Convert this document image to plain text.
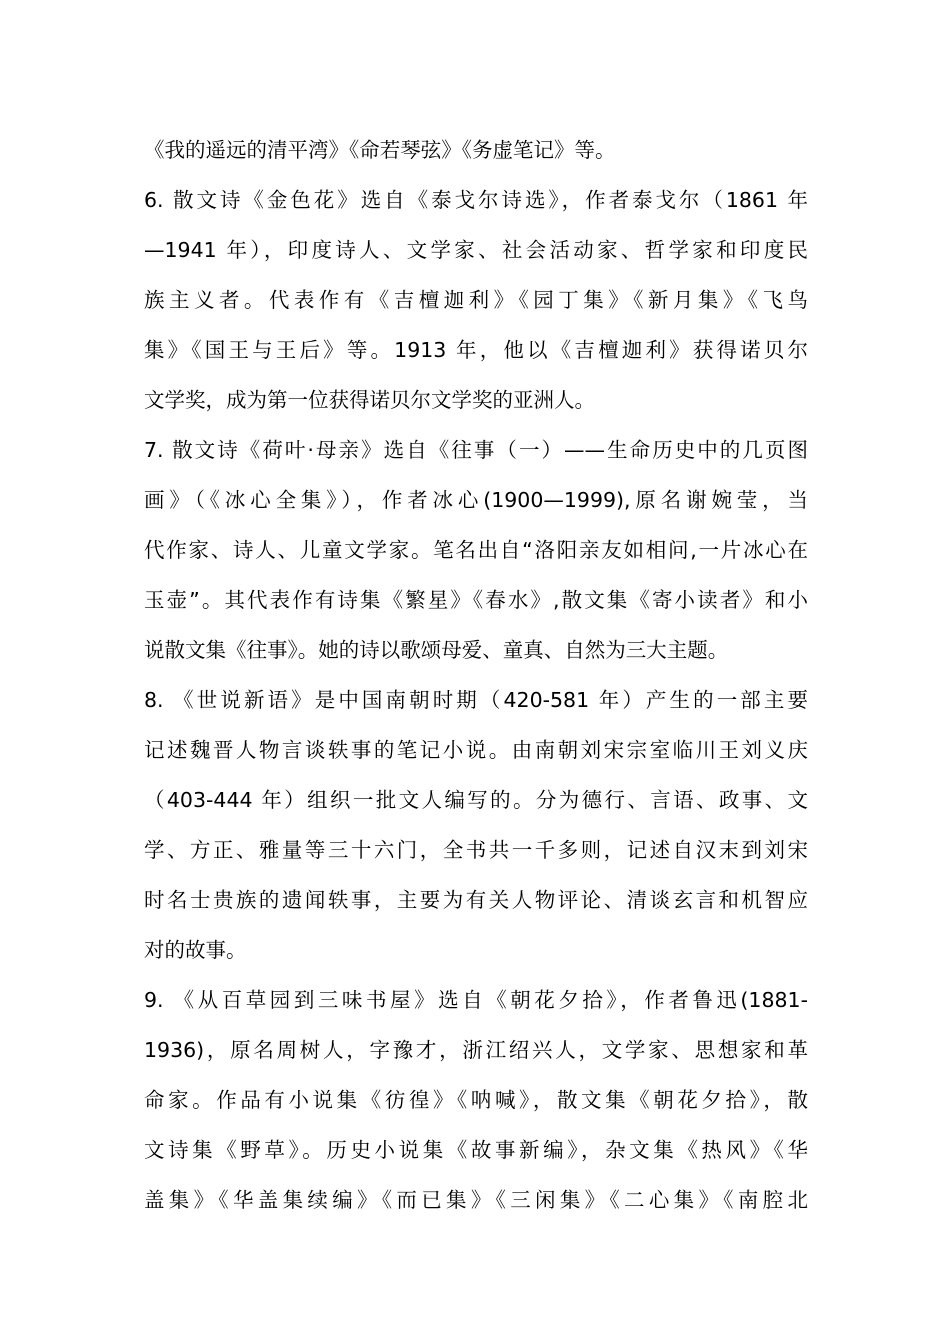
《我的遥远的清平湾》《命若琴弦》《务虚笔记》等。
6. 散文诗《金色花》选自《泰戈尔诗选》，作者泰戈尔（1861 年
—1941 年），印度诗人、文学家、社会活动家、哲学家和印度民
族主义者。代表作有《吉檀迦利》《园丁集》《新月集》《飞鸟
集》《国王与王后》等。1913 年，他以《吉檀迦利》获得诺贝尔
文学奖，成为第一位获得诺贝尔文学奖的亚洲人。
7. 散文诗《荷叶·母亲》选自《往事（一）——生命历史中的几页图
画》（《冰心全集》），作者冰心(1900—1999),原名谢婉莹，当
代作家、诗人、儿童文学家。笔名出自“洛阳亲友如相问,一片冰心在
玉壶”。其代表作有诗集《繁星》《春水》,散文集《寄小读者》和小
说散文集《往事》。她的诗以歌颂母爱、童真、自然为三大主题。
8. 《世说新语》是中国南朝时期（420-581 年）产生的一部主要
记述魏晋人物言谈轶事的笔记小说。由南朝刘宋宗室临川王刘义庆
（403-444 年）组织一批文人编写的。分为德行、言语、政事、文
学、方正、雅量等三十六门，全书共一千多则，记述自汉末到刘宋
时名士贵族的遗闻轶事，主要为有关人物评论、清谈玄言和机智应
对的故事。
9. 《从百草园到三味书屋》选自《朝花夕拾》，作者鲁迅(1881-
1936)，原名周树人，字豫才，浙江绍兴人，文学家、思想家和革
命家。作品有小说集《彷徨》《呐喊》，散文集《朝花夕拾》，散
文诗集《野草》。历史小说集《故事新编》，杂文集《热风》《华
盖集》《华盖集续编》《而已集》《三闲集》《二心集》《南腔北
